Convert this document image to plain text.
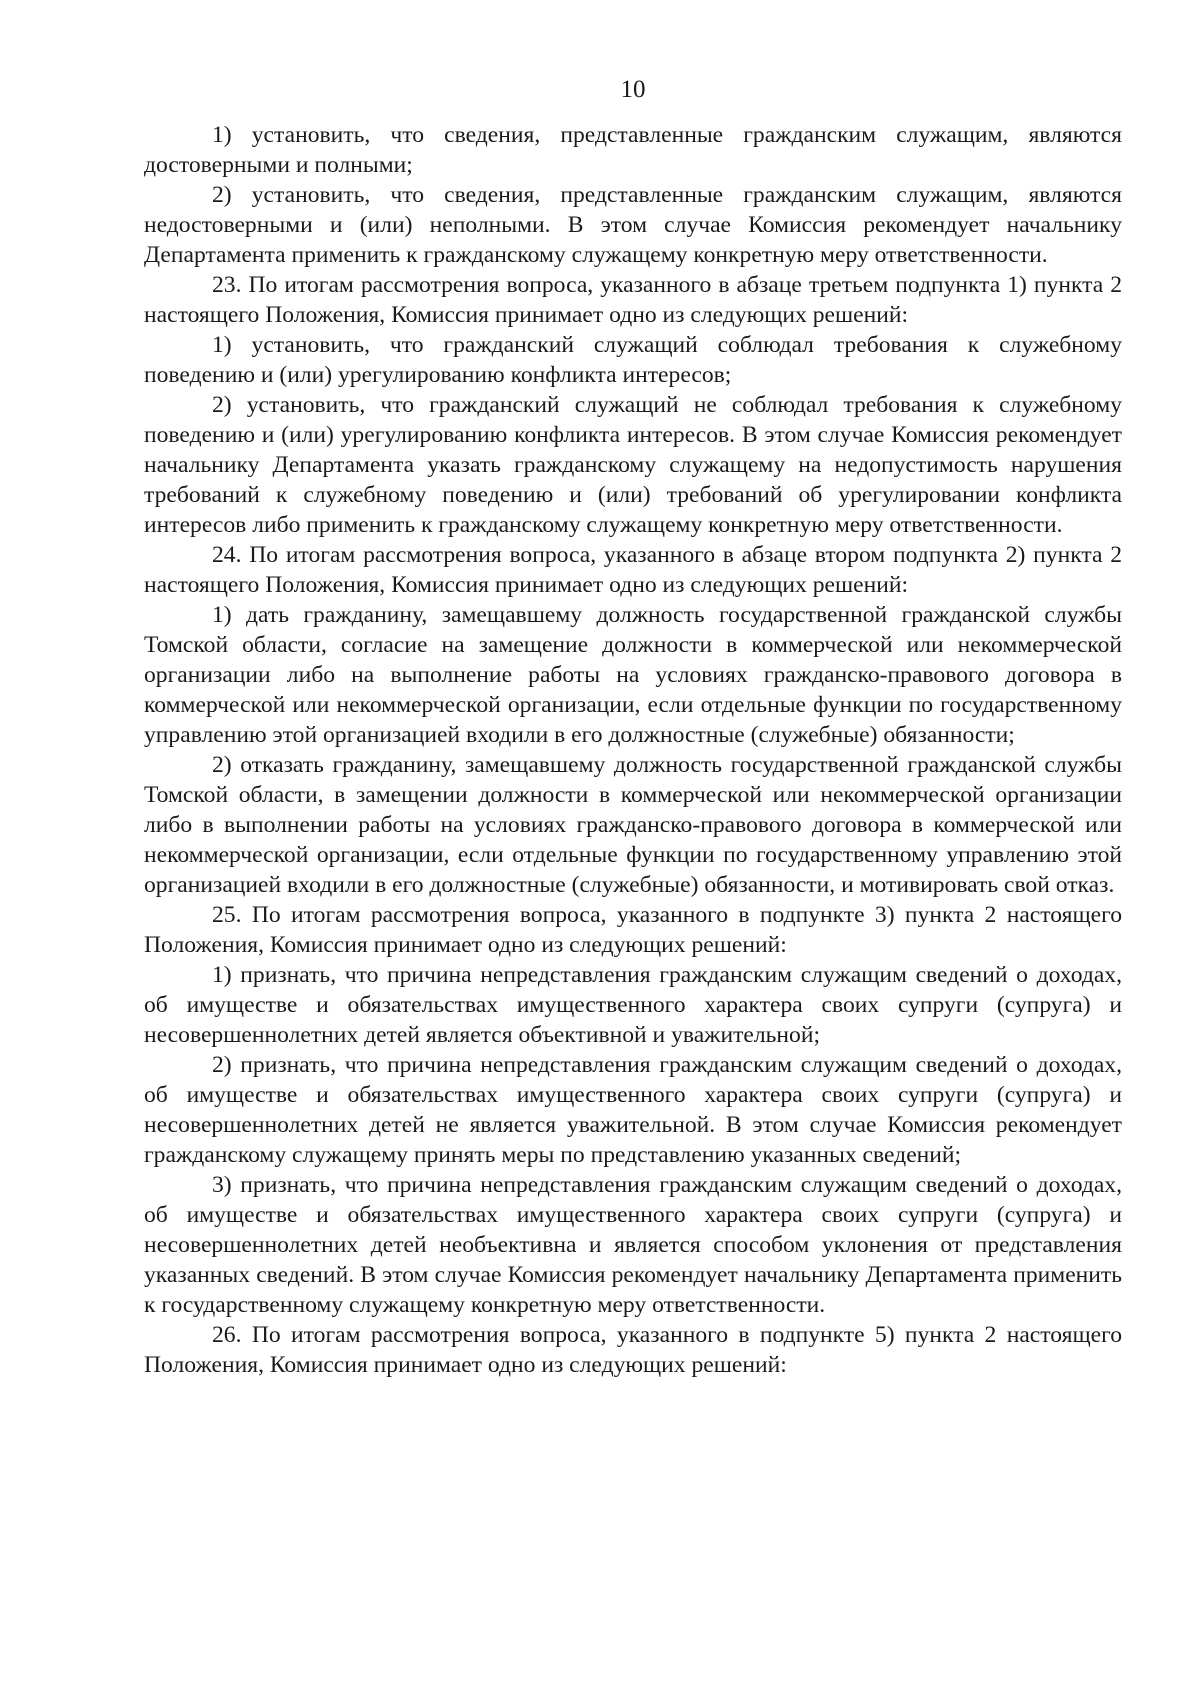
10

1) установить, что сведения, представленные гражданским служащим, являются достоверными и полными;

2) установить, что сведения, представленные гражданским служащим, являются недостоверными и (или) неполными. В этом случае Комиссия рекомендует начальнику Департамента применить к гражданскому служащему конкретную меру ответственности.

23. По итогам рассмотрения вопроса, указанного в абзаце третьем подпункта 1) пункта 2 настоящего Положения, Комиссия принимает одно из следующих решений:

1) установить, что гражданский служащий соблюдал требования к служебному поведению и (или) урегулированию конфликта интересов;

2) установить, что гражданский служащий не соблюдал требования к служебному поведению и (или) урегулированию конфликта интересов. В этом случае Комиссия рекомендует начальнику Департамента указать гражданскому служащему на недопустимость нарушения требований к служебному поведению и (или) требований об урегулировании конфликта интересов либо применить к гражданскому служащему конкретную меру ответственности.

24. По итогам рассмотрения вопроса, указанного в абзаце втором подпункта 2) пункта 2 настоящего Положения, Комиссия принимает одно из следующих решений:

1) дать гражданину, замещавшему должность государственной гражданской службы Томской области, согласие на замещение должности в коммерческой или некоммерческой организации либо на выполнение работы на условиях гражданско-правового договора в коммерческой или некоммерческой организации, если отдельные функции по государственному управлению этой организацией входили в его должностные (служебные) обязанности;

2) отказать гражданину, замещавшему должность государственной гражданской службы Томской области, в замещении должности в коммерческой или некоммерческой организации либо в выполнении работы на условиях гражданско-правового договора в коммерческой или некоммерческой организации, если отдельные функции по государственному управлению этой организацией входили в его должностные (служебные) обязанности, и мотивировать свой отказ.

25. По итогам рассмотрения вопроса, указанного в подпункте 3) пункта 2 настоящего Положения, Комиссия принимает одно из следующих решений:

1) признать, что причина непредставления гражданским служащим сведений о доходах, об имуществе и обязательствах имущественного характера своих супруги (супруга) и несовершеннолетних детей является объективной и уважительной;

2) признать, что причина непредставления гражданским служащим сведений о доходах, об имуществе и обязательствах имущественного характера своих супруги (супруга) и несовершеннолетних детей не является уважительной. В этом случае Комиссия рекомендует гражданскому служащему принять меры по представлению указанных сведений;

3) признать, что причина непредставления гражданским служащим сведений о доходах, об имуществе и обязательствах имущественного характера своих супруги (супруга) и несовершеннолетних детей необъективна и является способом уклонения от представления указанных сведений. В этом случае Комиссия рекомендует начальнику Департамента применить к государственному служащему конкретную меру ответственности.

26. По итогам рассмотрения вопроса, указанного в подпункте 5) пункта 2 настоящего Положения, Комиссия принимает одно из следующих решений:
